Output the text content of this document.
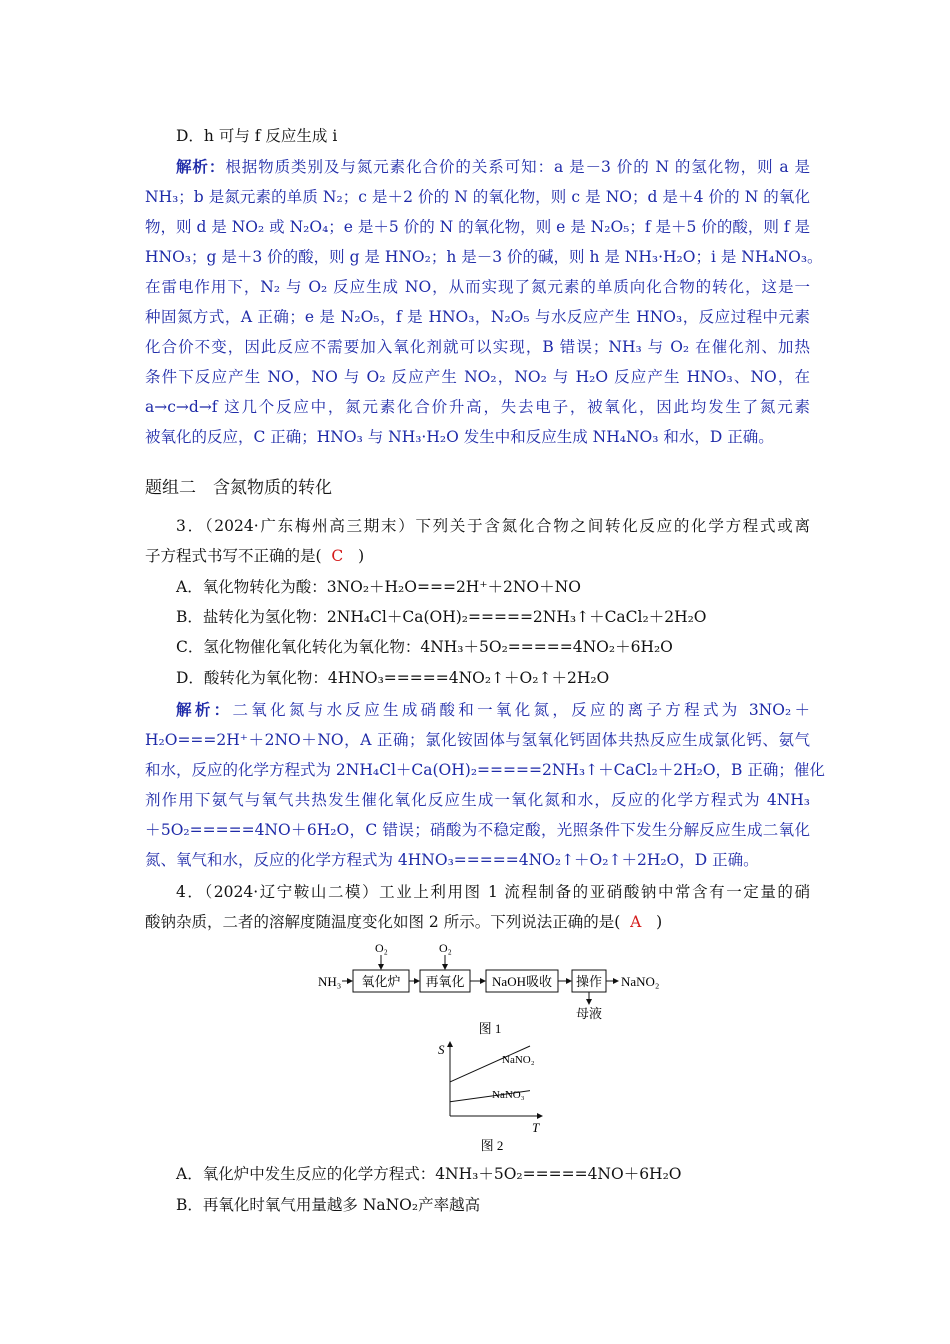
D．h 可与 f 反应生成 i
解析：根据物质类别及与氮元素化合价的关系可知：a 是－3 价的 N 的氢化物，则 a 是
NH₃；b 是氮元素的单质 N₂；c 是＋2 价的 N 的氧化物，则 c 是 NO；d 是＋4 价的 N 的氧化
物，则 d 是 NO₂ 或 N₂O₄；e 是＋5 价的 N 的氧化物，则 e 是 N₂O₅；f 是＋5 价的酸，则 f 是
HNO₃；g 是＋3 价的酸，则 g 是 HNO₂；h 是－3 价的碱，则 h 是 NH₃·H₂O；i 是 NH₄NO₃。
在雷电作用下，N₂ 与 O₂ 反应生成 NO，从而实现了氮元素的单质向化合物的转化，这是一
种固氮方式，A 正确；e 是 N₂O₅，f 是 HNO₃，N₂O₅ 与水反应产生 HNO₃，反应过程中元素
化合价不变，因此反应不需要加入氧化剂就可以实现，B 错误；NH₃ 与 O₂ 在催化剂、加热
条件下反应产生 NO，NO 与 O₂ 反应产生 NO₂，NO₂ 与 H₂O 反应产生 HNO₃、NO，在
a→c→d→f 这几个反应中，氮元素化合价升高，失去电子，被氧化，因此均发生了氮元素
被氧化的反应，C 正确；HNO₃ 与 NH₃·H₂O 发生中和反应生成 NH₄NO₃ 和水，D 正确。
题组二　含氮物质的转化
3．（2024·广东梅州高三期末）下列关于含氮化合物之间转化反应的化学方程式或离
子方程式书写不正确的是( C )
A．氧化物转化为酸：3NO₂＋H₂O===2H⁺＋2NO＋NO
B．盐转化为氢化物：2NH₄Cl＋Ca(OH)₂=====2NH₃↑＋CaCl₂＋2H₂O
C．氢化物催化氧化转化为氧化物：4NH₃＋5O₂=====4NO₂＋6H₂O
D．酸转化为氧化物：4HNO₃=====4NO₂↑＋O₂↑＋2H₂O
解析：二氧化氮与水反应生成硝酸和一氧化氮，反应的离子方程式为 3NO₂＋
H₂O===2H⁺＋2NO＋NO，A 正确；氯化铵固体与氢氧化钙固体共热反应生成氯化钙、氨气
和水，反应的化学方程式为 2NH₄Cl＋Ca(OH)₂=====2NH₃↑＋CaCl₂＋2H₂O，B 正确；催化
剂作用下氨气与氧气共热发生催化氧化反应生成一氧化氮和水，反应的化学方程式为 4NH₃
＋5O₂=====4NO＋6H₂O，C 错误；硝酸为不稳定酸，光照条件下发生分解反应生成二氧化
氮、氧气和水，反应的化学方程式为 4HNO₃=====4NO₂↑＋O₂↑＋2H₂O，D 正确。
4．（2024·辽宁鞍山二模）工业上利用图 1 流程制备的亚硝酸钠中常含有一定量的硝
酸钠杂质，二者的溶解度随温度变化如图 2 所示。下列说法正确的是( A )
NH₃ 氧化炉
O₂
再氧化
O₂
NaOH吸收 操作 NaNO₂
母液
图 1
S
T
NaNO₂
NaNO₃
图 2
A．氧化炉中发生反应的化学方程式：4NH₃＋5O₂=====4NO＋6H₂O
B．再氧化时氧气用量越多 NaNO₂产率越高
